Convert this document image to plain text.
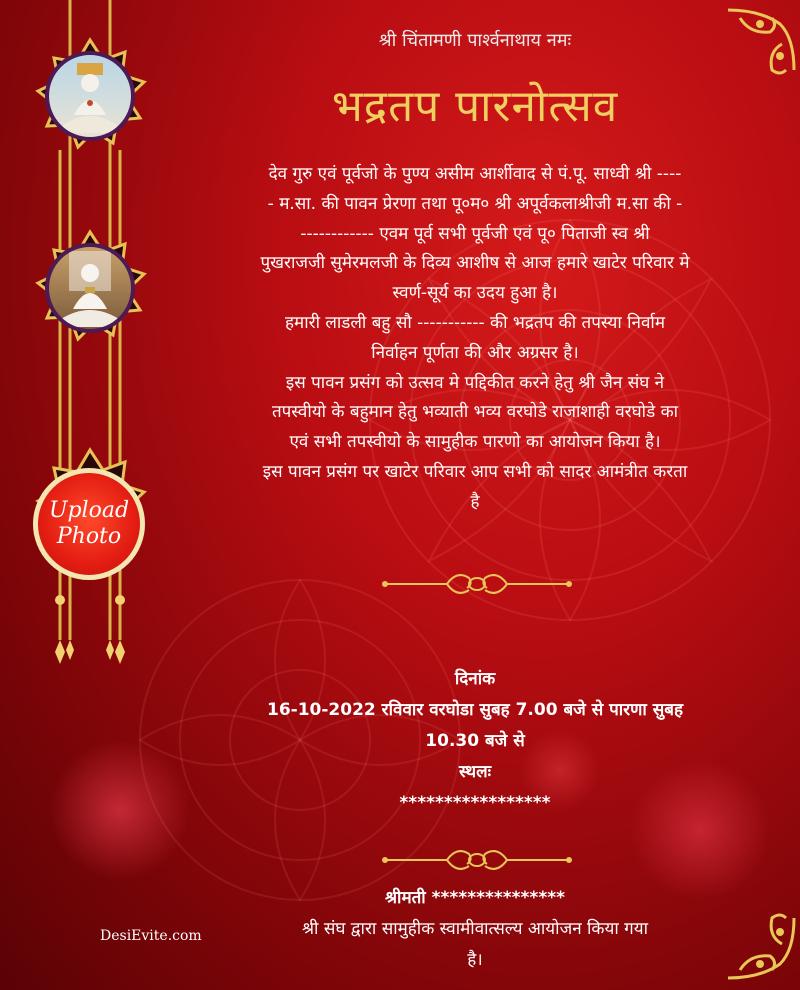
Upload
Photo
श्री चिंतामणी पार्श्वनाथाय नमः
भद्रतप पारनोत्सव

देव गुरु एवं पूर्वजो के पुण्य असीम आर्शीवाद से पं.पू. साध्वी श्री ----

- म.सा. की पावन प्रेरणा तथा पू०म० श्री अपूर्वकलाश्रीजी म.सा की -

------------ एवम पूर्व सभी पूर्वजी एवं पू० पिताजी स्व श्री

पुखराजजी सुमेरमलजी के दिव्य आशीष से आज हमारे खाटेर परिवार मे

स्वर्ण-सूर्य का उदय हुआ है।

हमारी लाडली बहु सौ ----------- की भद्रतप की तपस्या निर्वाम

निर्वाहन पूर्णता की और अग्रसर है।

इस पावन प्रसंग को उत्सव मे पद्दिकीत करने हेतु श्री जैन संघ ने

तपस्वीयो के बहुमान हेतु भव्याती भव्य वरघोडे राजाशाही वरघोडे का

एवं सभी तपस्वीयो के सामुहीक पारणो का आयोजन किया है।

इस पावन प्रसंग पर खाटेर परिवार आप सभी को सादर आमंत्रीत करता

है

दिनांक

16-10-2022 रविवार वरघोडा सुबह 7.00 बजे से पारणा सुबह

10.30 बजे से

स्थलः

*****************

श्रीमती ***************

श्री संघ द्वारा सामुहीक स्वामीवात्सल्य आयोजन किया गया

है।

DesiEvite.com
